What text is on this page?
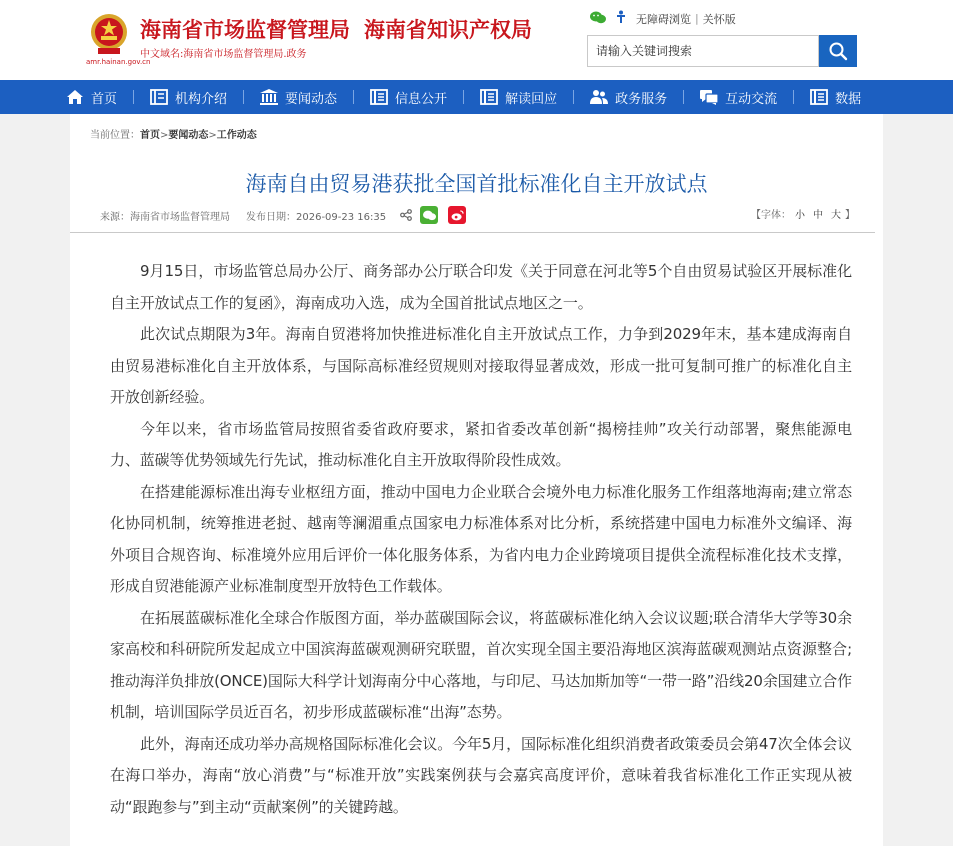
amr.hainan.gov.cn
海南省市场监督管理局 海南省知识产权局
中文域名:海南省市场监督管理局.政务
无障碍浏览 | 关怀版
请输入关键词搜索
首页	机构介绍	要闻动态	信息公开	解读回应	政务服务	互动交流	数据
当前位置：首页>要闻动态>工作动态
海南自由贸易港获批全国首批标准化自主开放试点
来源：海南省市场监督管理局 发布日期：2026-09-23 16:35	【字体： 小 中 大 】

9月15日，市场监管总局办公厅、商务部办公厅联合印发《关于同意在河北等5个自由贸易试验区开展标准化自主开放试点工作的复函》，海南成功入选，成为全国首批试点地区之一。

此次试点期限为3年。海南自贸港将加快推进标准化自主开放试点工作，力争到2029年末，基本建成海南自由贸易港标准化自主开放体系，与国际高标准经贸规则对接取得显著成效，形成一批可复制可推广的标准化自主开放创新经验。

今年以来，省市场监管局按照省委省政府要求，紧扣省委改革创新“揭榜挂帅”攻关行动部署，聚焦能源电力、蓝碳等优势领域先行先试，推动标准化自主开放取得阶段性成效。

在搭建能源标准出海专业枢纽方面，推动中国电力企业联合会境外电力标准化服务工作组落地海南;建立常态化协同机制，统筹推进老挝、越南等澜湄重点国家电力标准体系对比分析，系统搭建中国电力标准外文编译、海外项目合规咨询、标准境外应用后评价一体化服务体系，为省内电力企业跨境项目提供全流程标准化技术支撑，形成自贸港能源产业标准制度型开放特色工作载体。

在拓展蓝碳标准化全球合作版图方面，举办蓝碳国际会议，将蓝碳标准化纳入会议议题;联合清华大学等30余家高校和科研院所发起成立中国滨海蓝碳观测研究联盟，首次实现全国主要沿海地区滨海蓝碳观测站点资源整合;推动海洋负排放(ONCE)国际大科学计划海南分中心落地，与印尼、马达加斯加等“一带一路”沿线20余国建立合作机制，培训国际学员近百名，初步形成蓝碳标准“出海”态势。

此外，海南还成功举办高规格国际标准化会议。今年5月，国际标准化组织消费者政策委员会第47次全体会议在海口举办，海南“放心消费”与“标准开放”实践案例获与会嘉宾高度评价，意味着我省标准化工作正实现从被动“跟跑参与”到主动“贡献案例”的关键跨越。
